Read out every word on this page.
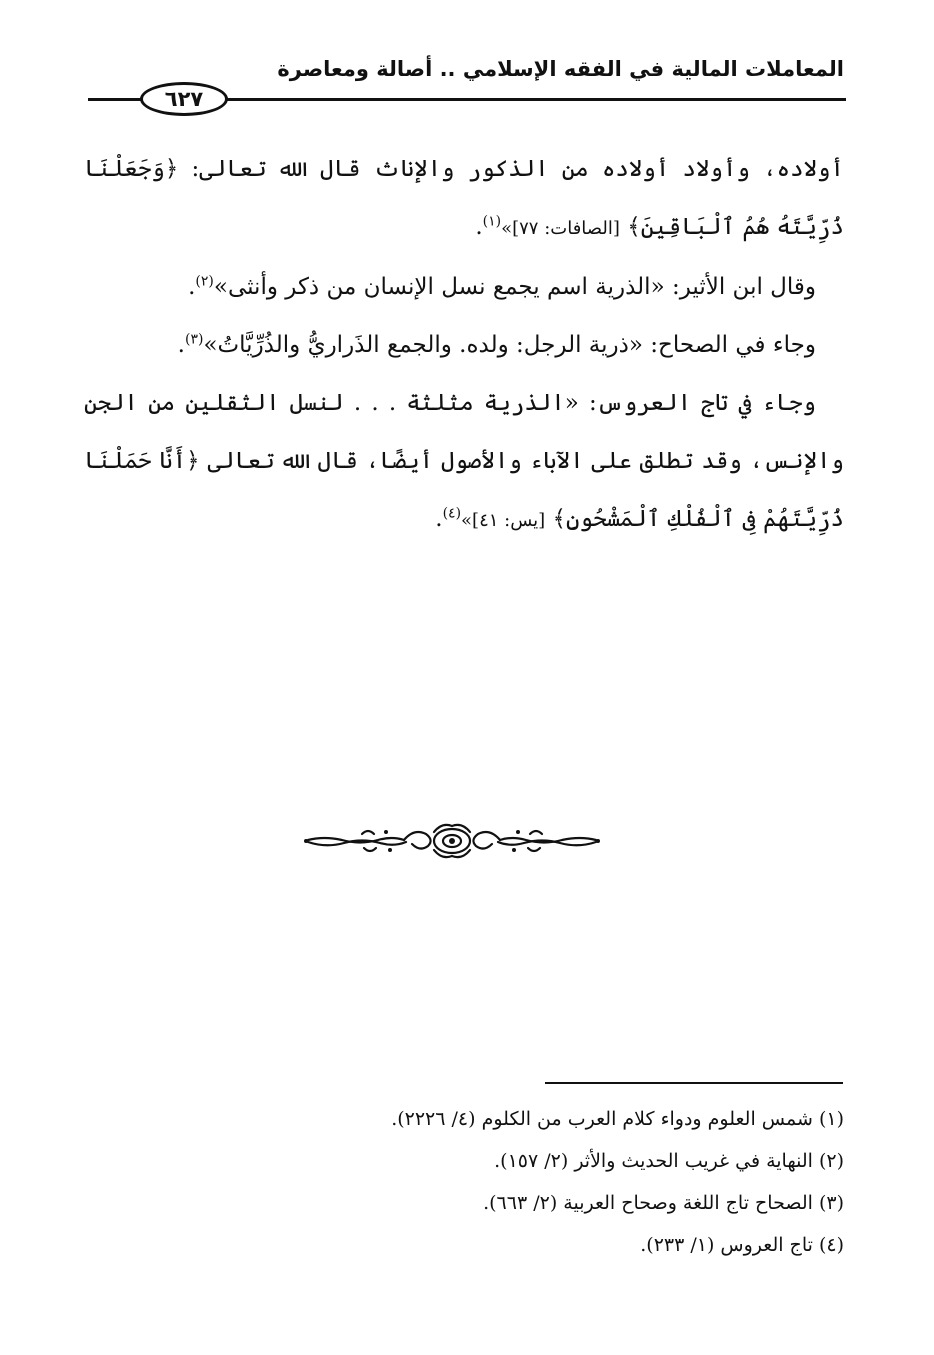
المعاملات المالية في الفقه الإسلامي .. أصالة ومعاصرة
٦٢٧

أولاده، وأولاد أولاده من الذكور والإناث قال الله تعالى: ﴿وَجَعَلْنَا ذُرِّيَّتَهُ هُمُ ٱلْبَاقِينَ﴾ [الصافات: ٧٧]»$^{(١)}$.

وقال ابن الأثير: «الذرية اسم يجمع نسل الإنسان من ذكر وأنثى»$^{(٢)}$.

وجاء في الصحاح: «ذرية الرجل: ولده. والجمع الذَراريُّ والذُرِّيَّاتُ»$^{(٣)}$.

وجاء في تاج العروس: «الذرية مثلثة . . . لنسل الثقلين من الجن والإنس، وقد تطلق على الآباء والأصول أيضًا، قال الله تعالى ﴿أَنَّا حَمَلْنَا ذُرِّيَّتَهُمْ فِى ٱلْفُلْكِ ٱلْمَشْحُونِ﴾ [يس: ٤١]»$^{(٤)}$.

(١) شمس العلوم ودواء كلام العرب من الكلوم (٤/ ٢٢٢٦).
(٢) النهاية في غريب الحديث والأثر (٢/ ١٥٧).
(٣) الصحاح تاج اللغة وصحاح العربية (٢/ ٦٦٣).
(٤) تاج العروس (١/ ٢٣٣).
